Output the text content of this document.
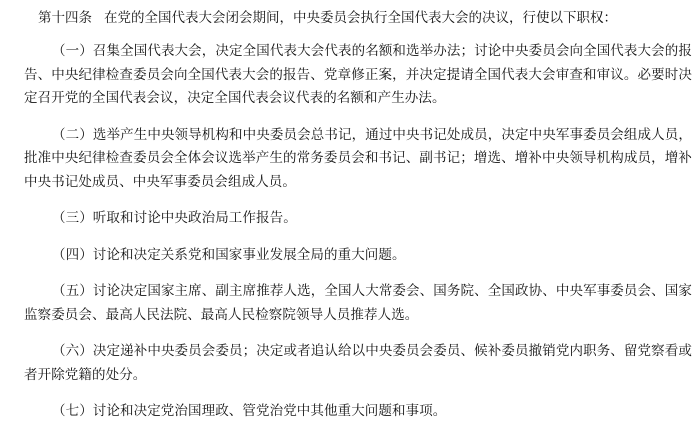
第十四条 在党的全国代表大会闭会期间，中央委员会执行全国代表大会的决议，行使以下职权：

（一）召集全国代表大会，决定全国代表大会代表的名额和选举办法；讨论中央委员会向全国代表大会的报告、中央纪律检查委员会向全国代表大会的报告、党章修正案，并决定提请全国代表大会审查和审议。必要时决定召开党的全国代表会议，决定全国代表会议代表的名额和产生办法。

（二）选举产生中央领导机构和中央委员会总书记，通过中央书记处成员，决定中央军事委员会组成人员，批准中央纪律检查委员会全体会议选举产生的常务委员会和书记、副书记；增选、增补中央领导机构成员，增补中央书记处成员、中央军事委员会组成人员。

（三）听取和讨论中央政治局工作报告。

（四）讨论和决定关系党和国家事业发展全局的重大问题。

（五）讨论决定国家主席、副主席推荐人选，全国人大常委会、国务院、全国政协、中央军事委员会、国家监察委员会、最高人民法院、最高人民检察院领导人员推荐人选。

（六）决定递补中央委员会委员；决定或者追认给以中央委员会委员、候补委员撤销党内职务、留党察看或者开除党籍的处分。

（七）讨论和决定党治国理政、管党治党中其他重大问题和事项。
